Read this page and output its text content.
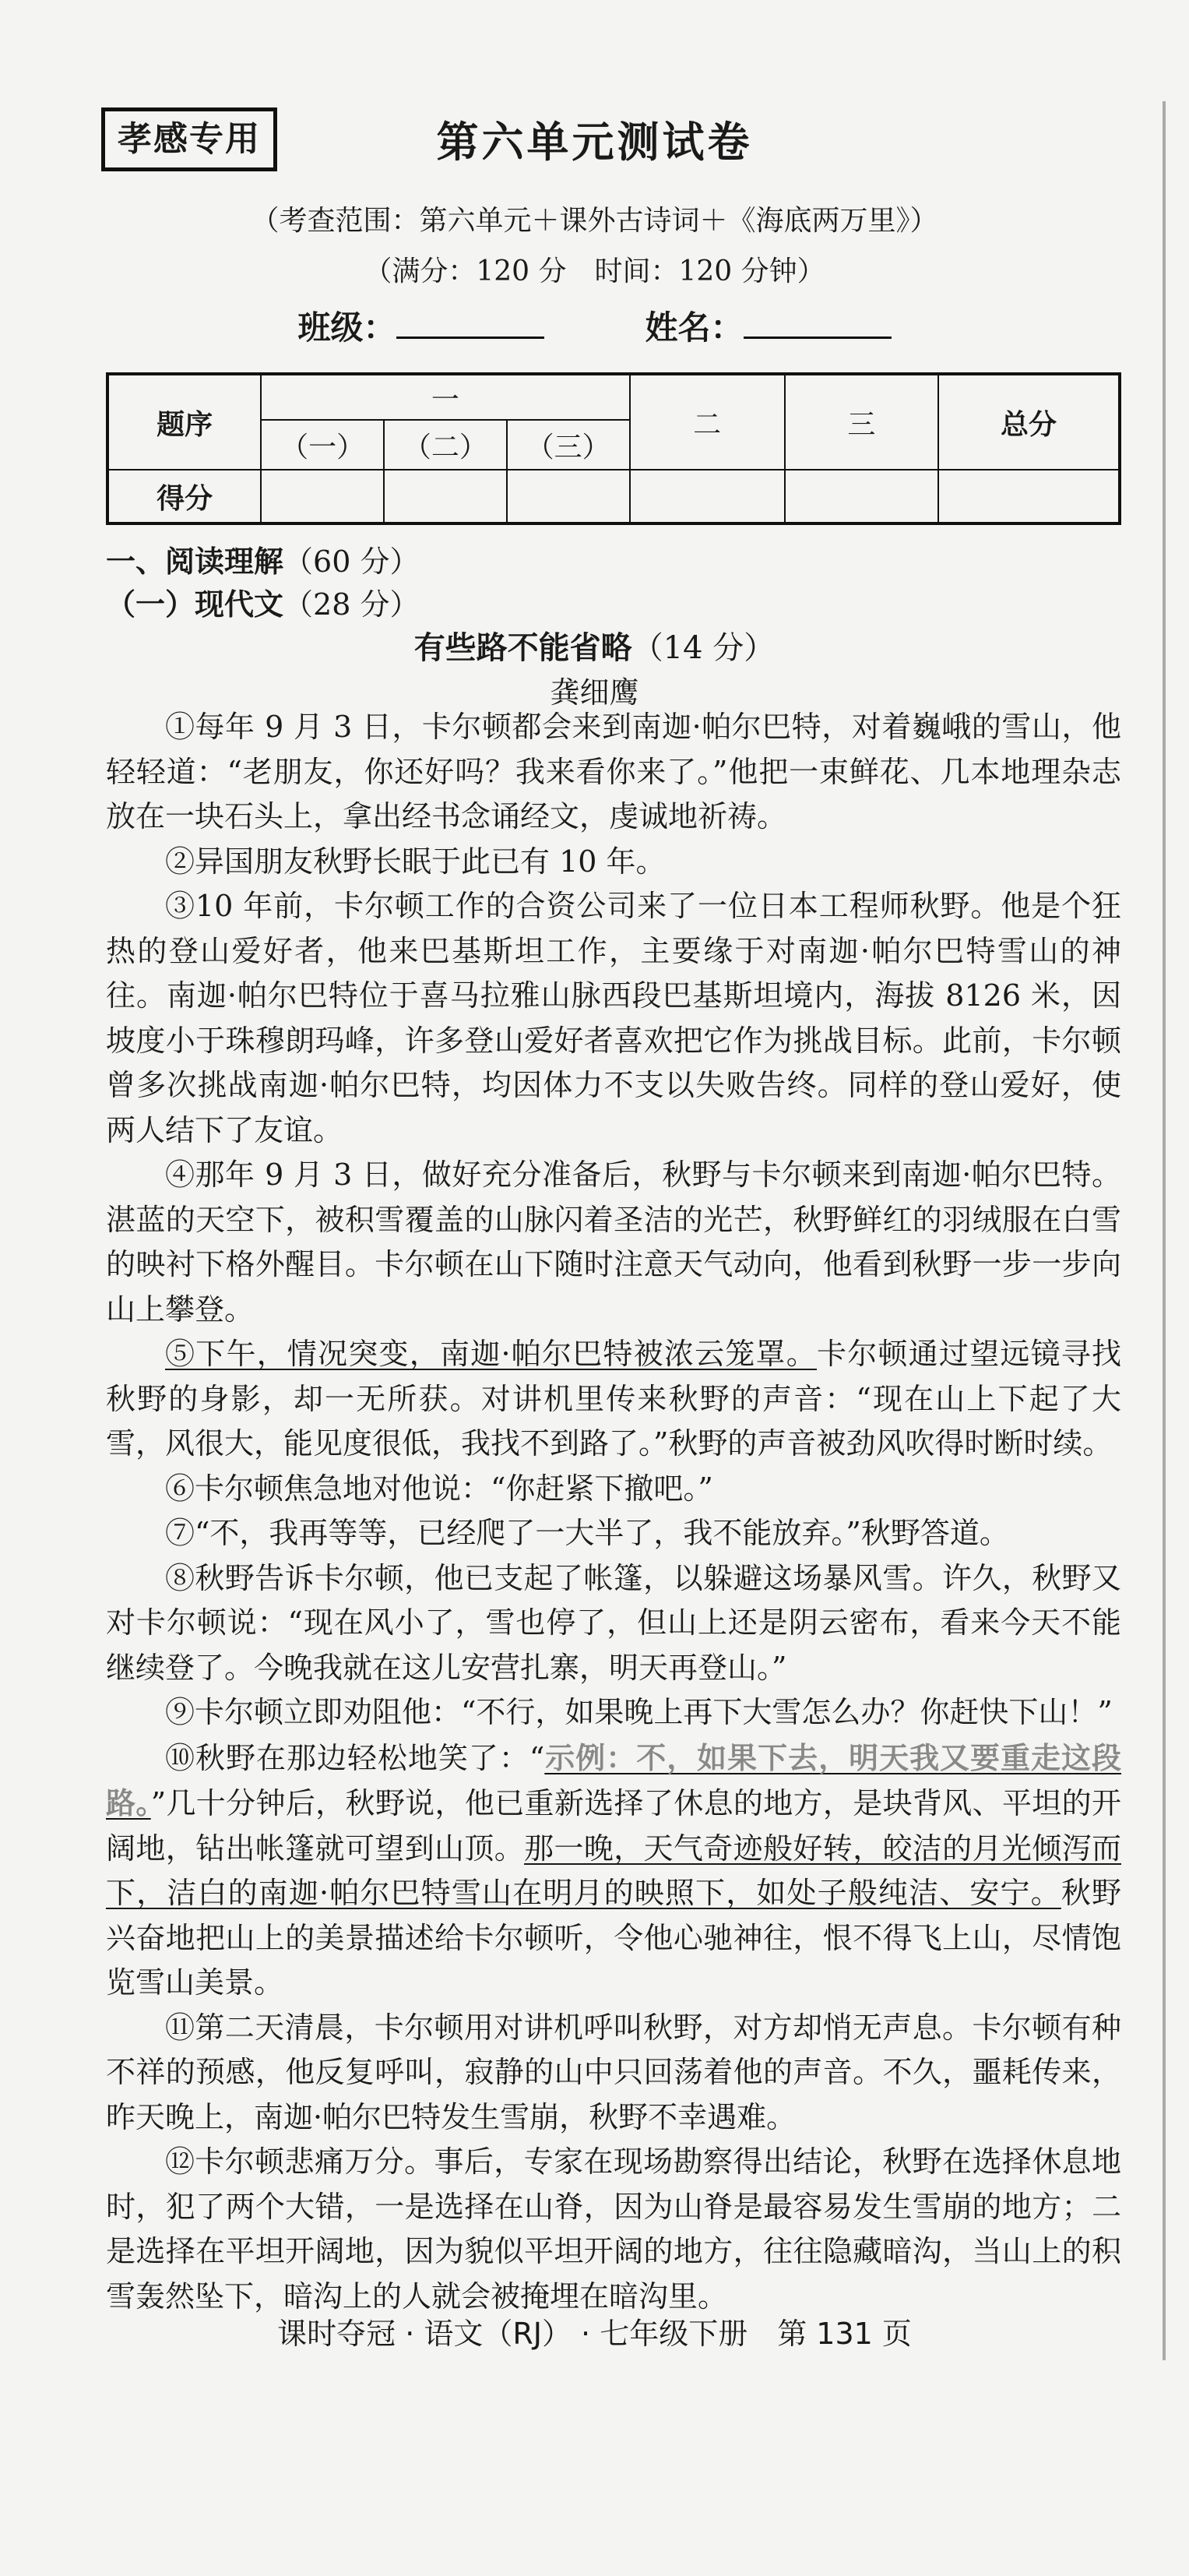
孝感专用	第六单元测试卷
（考查范围：第六单元＋课外古诗词＋《海底两万里》）
（满分：120 分　时间：120 分钟）
班级：	姓名：
题序	一			二	三	总分
	（一）	（二）	（三）			
得分						
一、阅读理解（60 分）
（一）现代文（28 分）
有些路不能省略（14 分）
龚细鹰

①每年 9 月 3 日，卡尔顿都会来到南迦·帕尔巴特，对着巍峨的雪山，他轻轻道：“老朋友，你还好吗？我来看你来了。”他把一束鲜花、几本地理杂志放在一块石头上，拿出经书念诵经文，虔诚地祈祷。

②异国朋友秋野长眠于此已有 10 年。

③10 年前，卡尔顿工作的合资公司来了一位日本工程师秋野。他是个狂热的登山爱好者，他来巴基斯坦工作，主要缘于对南迦·帕尔巴特雪山的神往。南迦·帕尔巴特位于喜马拉雅山脉西段巴基斯坦境内，海拔 8126 米，因坡度小于珠穆朗玛峰，许多登山爱好者喜欢把它作为挑战目标。此前，卡尔顿曾多次挑战南迦·帕尔巴特，均因体力不支以失败告终。同样的登山爱好，使两人结下了友谊。

④那年 9 月 3 日，做好充分准备后，秋野与卡尔顿来到南迦·帕尔巴特。湛蓝的天空下，被积雪覆盖的山脉闪着圣洁的光芒，秋野鲜红的羽绒服在白雪的映衬下格外醒目。卡尔顿在山下随时注意天气动向，他看到秋野一步一步向山上攀登。

⑤下午，情况突变，南迦·帕尔巴特被浓云笼罩。卡尔顿通过望远镜寻找秋野的身影，却一无所获。对讲机里传来秋野的声音：“现在山上下起了大雪，风很大，能见度很低，我找不到路了。”秋野的声音被劲风吹得时断时续。

⑥卡尔顿焦急地对他说：“你赶紧下撤吧。”

⑦“不，我再等等，已经爬了一大半了，我不能放弃。”秋野答道。

⑧秋野告诉卡尔顿，他已支起了帐篷，以躲避这场暴风雪。许久，秋野又对卡尔顿说：“现在风小了，雪也停了，但山上还是阴云密布，看来今天不能继续登了。今晚我就在这儿安营扎寨，明天再登山。”

⑨卡尔顿立即劝阻他：“不行，如果晚上再下大雪怎么办？你赶快下山！”

⑩秋野在那边轻松地笑了：“示例：不，如果下去，明天我又要重走这段路。”几十分钟后，秋野说，他已重新选择了休息的地方，是块背风、平坦的开阔地，钻出帐篷就可望到山顶。那一晚，天气奇迹般好转，皎洁的月光倾泻而下，洁白的南迦·帕尔巴特雪山在明月的映照下，如处子般纯洁、安宁。秋野兴奋地把山上的美景描述给卡尔顿听，令他心驰神往，恨不得飞上山，尽情饱览雪山美景。

⑪第二天清晨，卡尔顿用对讲机呼叫秋野，对方却悄无声息。卡尔顿有种不祥的预感，他反复呼叫，寂静的山中只回荡着他的声音。不久，噩耗传来，昨天晚上，南迦·帕尔巴特发生雪崩，秋野不幸遇难。

⑫卡尔顿悲痛万分。事后，专家在现场勘察得出结论，秋野在选择休息地时，犯了两个大错，一是选择在山脊，因为山脊是最容易发生雪崩的地方；二是选择在平坦开阔地，因为貌似平坦开阔的地方，往往隐藏暗沟，当山上的积雪轰然坠下，暗沟上的人就会被掩埋在暗沟里。

课时夺冠 · 语文（RJ） · 七年级下册　第 131 页
